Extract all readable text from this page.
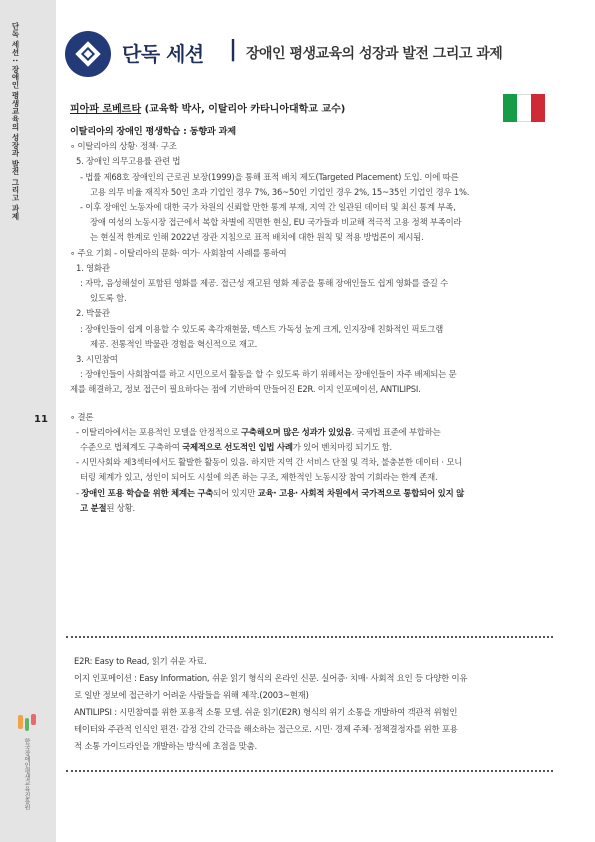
단독 세션 : 장애인 평생교육의 성장과 발전 그리고 과제
11
한국장애인평생교육진흥원
단독 세션 | 장애인 평생교육의 성장과 발전 그리고 과제
피아파 로베르타 (교육학 박사, 이탈리아 카타니아대학교 교수)
이탈리아의 장애인 평생학습 : 동향과 과제
∘ 이탈리아의 상황· 정책· 구조
5. 장애인 의무고용률 관련 법
- 법률 제68호 장애인의 근로권 보장(1999)을 통해 표적 배치 제도(Targeted Placement) 도입. 이에 따른
고용 의무 비율 재직자 50인 초과 기업인 경우 7%, 36~50인 기업인 경우 2%, 15~35인 기업인 경우 1%.
- 이후 장애인 노동자에 대한 국가 차원의 신뢰할 만한 통계 부재, 지역 간 일관된 데이터 및 최신 통계 부족,
장애 여성의 노동시장 접근에서 복합 차별에 직면한 현실, EU 국가들과 비교해 적극적 고용 정책 부족이라
는 현실적 한계로 인해 2022년 장관 지침으로 표적 배치에 대한 원칙 및 적용 방법론이 제시됨.
∘ 주요 기회 - 이탈리아의 문화· 여가· 사회참여 사례를 통하여
1. 영화관
: 자막, 음성해설이 포함된 영화를 제공. 접근성 재고된 영화 제공을 통해 장애인들도 쉽게 영화를 즐길 수
있도록 함.
2. 박물관
: 장애인들이 쉽게 이용할 수 있도록 촉각재현물, 텍스트 가독성 높게 크게, 인지장애 친화적인 픽토그램
제공. 전통적인 박물관 경험을 혁신적으로 재고.
3. 시민참여
: 장애인들이 사회참여를 하고 시민으로서 활동을 할 수 있도록 하기 위해서는 장애인들이 자주 배제되는 문
제를 해결하고, 정보 접근이 필요하다는 점에 기반하여 만들어진 E2R. 이지 인포메이션, ANTILIPSI.
∘ 결론
- 이탈리아에서는 포용적인 모델을 안정적으로 구축해오며 많은 성과가 있었음. 국제법 표준에 부합하는
수준으로 법체계도 구축하여 국제적으로 선도적인 입법 사례가 있어 벤치마킹 되기도 함.
- 시민사회와 제3섹터에서도 활발한 활동이 있음. 하지만 지역 간 서비스 단절 및 격차, 불충분한 데이터 · 모니
터링 체계가 있고, 성인이 되어도 시설에 의존 하는 구조, 제한적인 노동시장 참여 기회라는 한계 존재.
- 장애인 포용 학습을 위한 체계는 구축되어 있지만 교육· 고용· 사회적 차원에서 국가적으로 통합되어 있지 않
고 분절된 상황.
E2R: Easy to Read, 읽기 쉬운 자료.
이지 인포메이션 : Easy Information, 쉬운 읽기 형식의 온라인 신문. 실어증· 치매· 사회적 요인 등 다양한 이유
로 일반 정보에 접근하기 어려운 사람들을 위해 제작.(2003~현재)
ANTILIPSI : 시민참여를 위한 포용적 소통 모델. 쉬운 읽기(E2R) 형식의 위기 소통을 개발하여 객관적 위험인
테이터와 주관적 인식인 편견· 감정 간의 간극을 해소하는 접근으로. 시민· 경제 주체· 정책결정자를 위한 포용
적 소통 가이드라인을 개발하는 방식에 초점을 맞춤.
